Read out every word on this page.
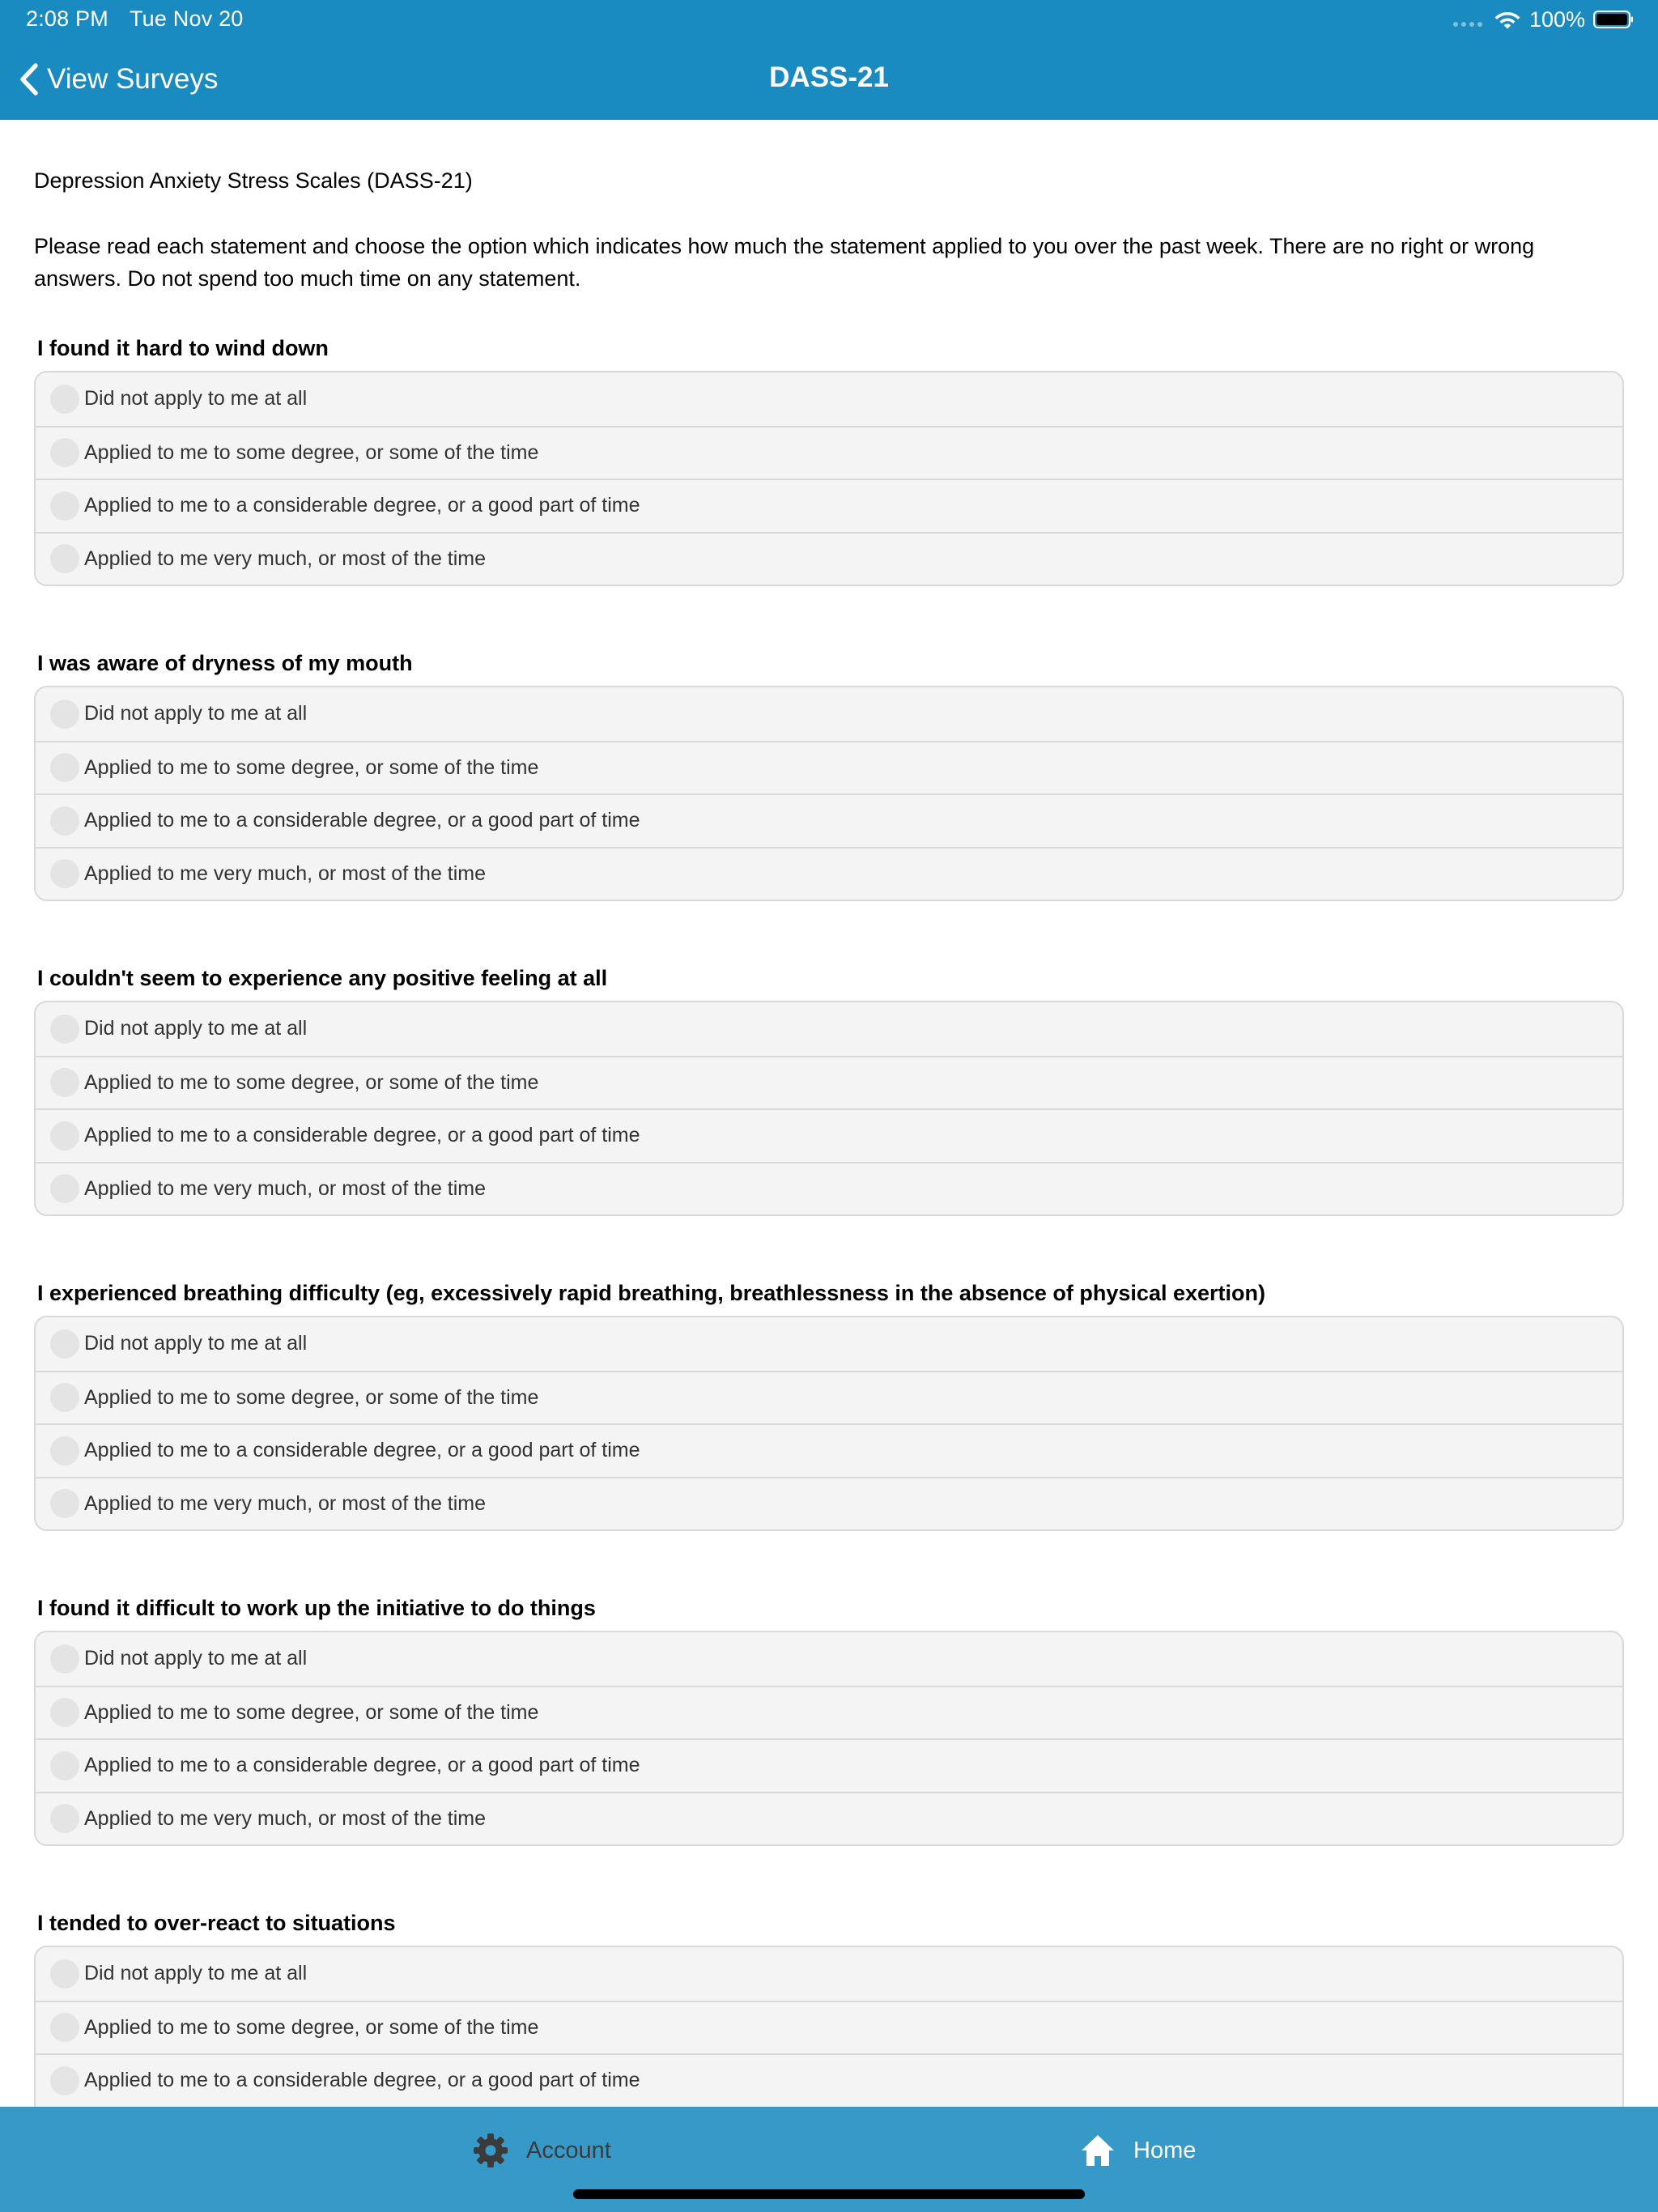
2:08 PM Tue Nov 20	100%
View Surveys	DASS-21
Depression Anxiety Stress Scales (DASS-21)
Please read each statement and choose the option which indicates how much the statement applied to you over the past week. There are no right or wrong answers. Do not spend too much time on any statement.
I found it hard to wind down
Did not apply to me at all
Applied to me to some degree, or some of the time
Applied to me to a considerable degree, or a good part of time
Applied to me very much, or most of the time
I was aware of dryness of my mouth
Did not apply to me at all
Applied to me to some degree, or some of the time
Applied to me to a considerable degree, or a good part of time
Applied to me very much, or most of the time
I couldn't seem to experience any positive feeling at all
Did not apply to me at all
Applied to me to some degree, or some of the time
Applied to me to a considerable degree, or a good part of time
Applied to me very much, or most of the time
I experienced breathing difficulty (eg, excessively rapid breathing, breathlessness in the absence of physical exertion)
Did not apply to me at all
Applied to me to some degree, or some of the time
Applied to me to a considerable degree, or a good part of time
Applied to me very much, or most of the time
I found it difficult to work up the initiative to do things
Did not apply to me at all
Applied to me to some degree, or some of the time
Applied to me to a considerable degree, or a good part of time
Applied to me very much, or most of the time
I tended to over-react to situations
Did not apply to me at all
Applied to me to some degree, or some of the time
Applied to me to a considerable degree, or a good part of time
Account	Home
